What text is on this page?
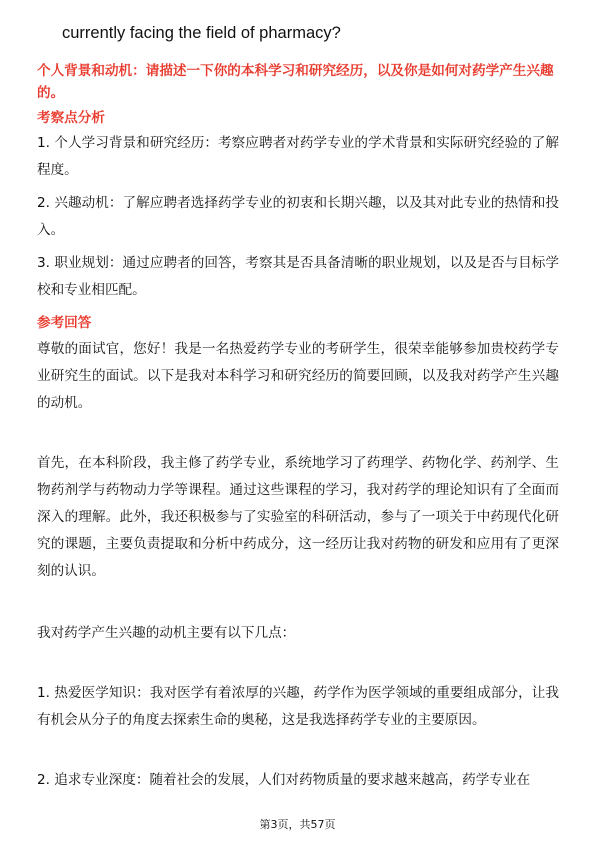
currently facing the field of pharmacy?
个人背景和动机：请描述一下你的本科学习和研究经历，以及你是如何对药学产生兴趣的。
考察点分析
1. 个人学习背景和研究经历：考察应聘者对药学专业的学术背景和实际研究经验的了解程度。
2. 兴趣动机：了解应聘者选择药学专业的初衷和长期兴趣，以及其对此专业的热情和投入。
3. 职业规划：通过应聘者的回答，考察其是否具备清晰的职业规划，以及是否与目标学校和专业相匹配。
参考回答
尊敬的面试官，您好！我是一名热爱药学专业的考研学生，很荣幸能够参加贵校药学专业研究生的面试。以下是我对本科学习和研究经历的简要回顾，以及我对药学产生兴趣的动机。
首先，在本科阶段，我主修了药学专业，系统地学习了药理学、药物化学、药剂学、生物药剂学与药物动力学等课程。通过这些课程的学习，我对药学的理论知识有了全面而深入的理解。此外，我还积极参与了实验室的科研活动，参与了一项关于中药现代化研究的课题，主要负责提取和分析中药成分，这一经历让我对药物的研发和应用有了更深刻的认识。
我对药学产生兴趣的动机主要有以下几点：
1. 热爱医学知识：我对医学有着浓厚的兴趣，药学作为医学领域的重要组成部分，让我有机会从分子的角度去探索生命的奥秘，这是我选择药学专业的主要原因。
2. 追求专业深度：随着社会的发展，人们对药物质量的要求越来越高，药学专业在
第3页，共57页
